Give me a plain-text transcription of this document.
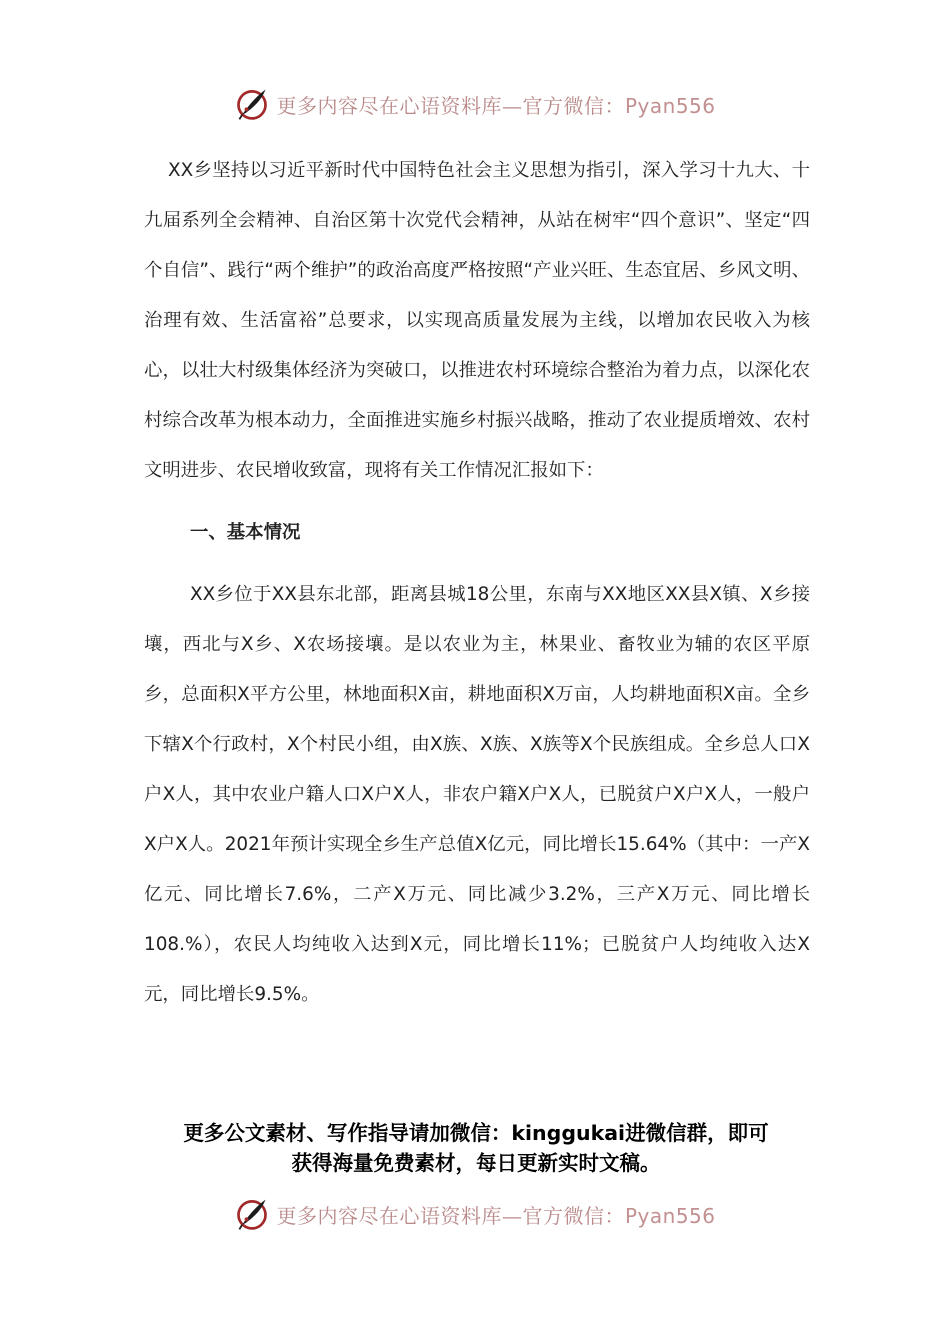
更多内容尽在心语资料库—官方微信：Pyan556

XX乡坚持以习近平新时代中国特色社会主义思想为指引，深入学习十九大、十九届系列全会精神、自治区第十次党代会精神，从站在树牢“四个意识”、坚定“四个自信”、践行“两个维护”的政治高度严格按照“产业兴旺、生态宜居、乡风文明、治理有效、生活富裕”总要求，以实现高质量发展为主线，以增加农民收入为核心，以壮大村级集体经济为突破口，以推进农村环境综合整治为着力点，以深化农村综合改革为根本动力，全面推进实施乡村振兴战略，推动了农业提质增效、农村文明进步、农民增收致富，现将有关工作情况汇报如下：

一、基本情况

XX乡位于XX县东北部，距离县城18公里，东南与XX地区XX县X镇、X乡接壤，西北与X乡、X农场接壤。是以农业为主，林果业、畜牧业为辅的农区平原乡，总面积X平方公里，林地面积X亩，耕地面积X万亩，人均耕地面积X亩。全乡下辖X个行政村，X个村民小组，由X族、X族、X族等X个民族组成。全乡总人口X户X人，其中农业户籍人口X户X人，非农户籍X户X人，已脱贫户X户X人，一般户X户X人。2021年预计实现全乡生产总值X亿元，同比增长15.64%（其中：一产X亿元、同比增长7.6%，二产X万元、同比减少3.2%，三产X万元、同比增长108.%），农民人均纯收入达到X元，同比增长11%；已脱贫户人均纯收入达X元，同比增长9.5%。

更多公文素材、写作指导请加微信：kinggukai进微信群，即可
获得海量免费素材，每日更新实时文稿。
更多内容尽在心语资料库—官方微信：Pyan556
